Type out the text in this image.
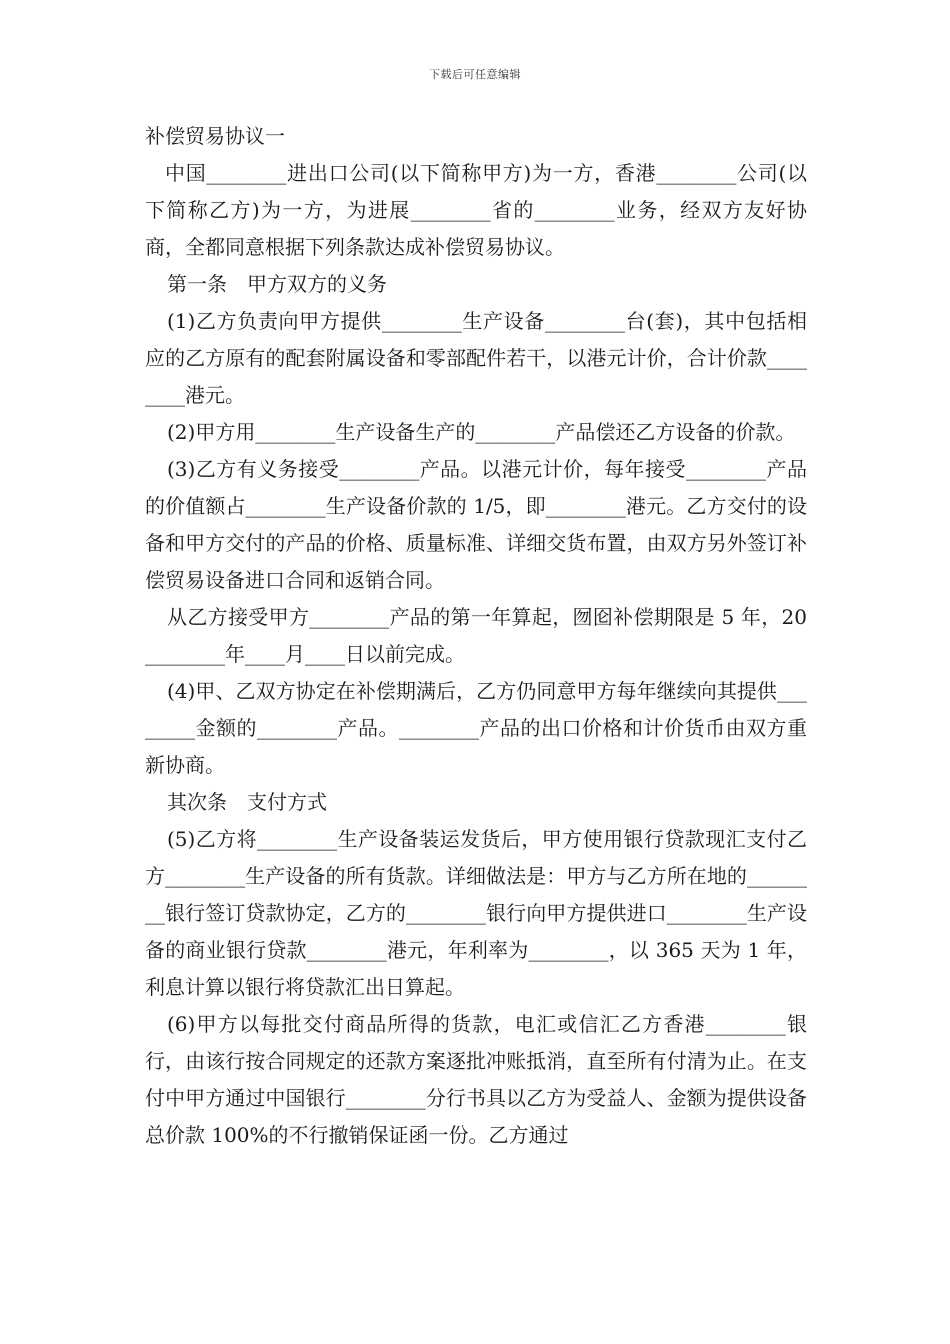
下载后可任意编辑

补偿贸易协议一

中国________进出口公司(以下简称甲方)为一方，香港________公司(以下简称乙方)为一方，为进展________省的________业务，经双方友好协商，全都同意根据下列条款达成补偿贸易协议。

第一条　甲方双方的义务

(1)乙方负责向甲方提供________生产设备________台(套)，其中包括相应的乙方原有的配套附属设备和零部配件若干，以港元计价，合计价款________港元。

(2)甲方用________生产设备生产的________产品偿还乙方设备的价款。

(3)乙方有义务接受________产品。以港元计价，每年接受________产品的价值额占________生产设备价款的 1/5，即________港元。乙方交付的设备和甲方交付的产品的价格、质量标准、详细交货布置，由双方另外签订补偿贸易设备进口合同和返销合同。

从乙方接受甲方________产品的第一年算起，囫囵补偿期限是 5 年，20________年____月____日以前完成。

(4)甲、乙双方协定在补偿期满后，乙方仍同意甲方每年继续向其提供________金额的________产品。________产品的出口价格和计价货币由双方重新协商。

其次条　支付方式

(5)乙方将________生产设备装运发货后，甲方使用银行贷款现汇支付乙方________生产设备的所有货款。详细做法是：甲方与乙方所在地的________银行签订贷款协定，乙方的________银行向甲方提供进口________生产设备的商业银行贷款________港元，年利率为________，以 365 天为 1 年，利息计算以银行将贷款汇出日算起。

(6)甲方以每批交付商品所得的货款，电汇或信汇乙方香港________银行，由该行按合同规定的还款方案逐批冲账抵消，直至所有付清为止。在支付中甲方通过中国银行________分行书具以乙方为受益人、金额为提供设备总价款 100%的不行撤销保证函一份。乙方通过
